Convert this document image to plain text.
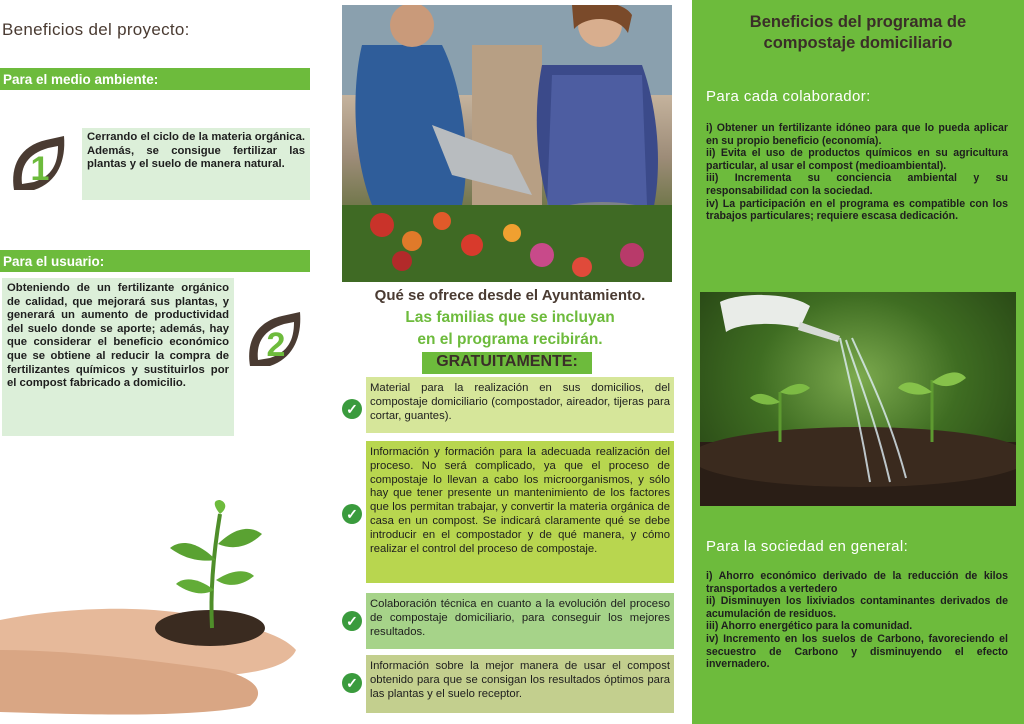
Beneficios del proyecto:
Para el medio ambiente:
1
Cerrando el ciclo de la materia orgánica. Además, se consigue fertilizar las plantas y el suelo de manera natural.
Para el usuario:
Obteniendo de un fertilizante orgánico de calidad, que mejorará sus plantas, y generará un aumento de productividad del suelo donde se aporte; además, hay que considerar el beneficio económico que se obtiene al reducir la compra de fertilizantes químicos y sustituirlos por el compost fabricado a domicilio.
2
Qué se ofrece desde el Ayuntamiento.
Las familias que se incluyan
en el programa recibirán.
GRATUITAMENTE:
✓
Material para la realización en sus domicilios, del compostaje domiciliario (compostador, aireador, tijeras para cortar, guantes).
✓
Información y formación para la adecuada realización del proceso. No será complicado, ya que el proceso de compostaje lo llevan a cabo los microorganismos, y sólo hay que tener presente un mantenimiento de los factores que los permitan trabajar, y convertir la materia orgánica de casa en un compost. Se indicará claramente qué se debe introducir en el compostador y de qué manera, y cómo realizar el control del proceso de compostaje.
✓
Colaboración técnica en cuanto a la evolución del proceso de compostaje domiciliario, para conseguir los mejores resultados.
✓
Información sobre la mejor manera de usar el compost obtenido para que se consigan los resultados óptimos para las plantas y el suelo receptor.
Beneficios del programa de
compostaje domiciliario
Para cada colaborador:
i) Obtener un fertilizante idóneo para que lo pueda aplicar en su propio beneficio (economía).
ii) Evita el uso de productos químicos en su agricultura particular, al usar el compost (medioambiental).
iii) Incrementa su conciencia ambiental y su responsabilidad con la sociedad.
iv) La participación en el programa es compatible con los trabajos particulares; requiere escasa dedicación.
Para la sociedad en general:
i) Ahorro económico derivado de la reducción de kilos transportados a vertedero
ii) Disminuyen los lixiviados contaminantes derivados de acumulación de residuos.
iii) Ahorro energético para la comunidad.
iv) Incremento en los suelos de Carbono, favoreciendo el secuestro de Carbono y disminuyendo el efecto invernadero.
